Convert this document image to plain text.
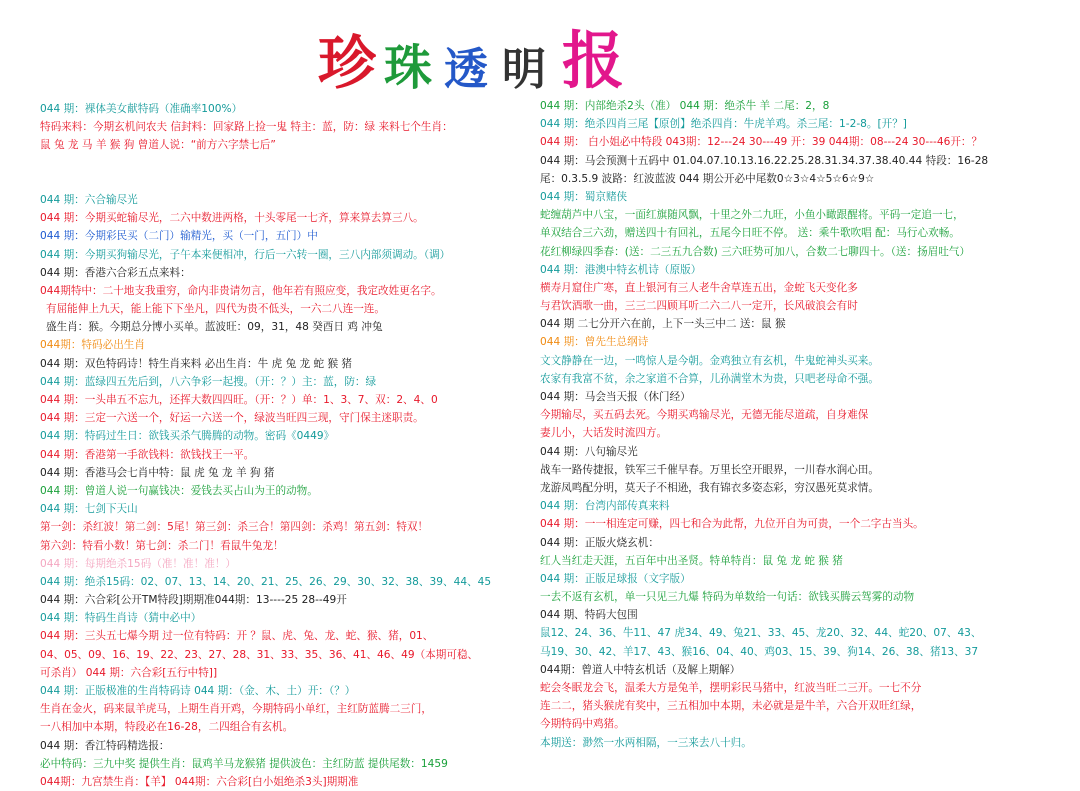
珍 珠 透 明 报
044 期：裸体美女献特码（准确率100%）
特码来料：今期玄机问农夫 信封料：回家路上捡一鬼 特主：蓝，防：绿 来料七个生肖：
鼠 兔 龙 马 羊 猴 狗 曾道人说：“前方六字禁七后”
044 期：六合输尽光
044 期：今期买蛇输尽光，二六中数进两格，十头零尾一七齐，算来算去算三八。
044 期：今期彩民买（二门）输精光，买（一门，五门）中
044 期：今期买狗输尽光，子午本来便相冲，行后一六转一圈，三八内部须调动。（调）
044 期：香港六合彩五点来料：
044期特中：二十地支我重穷，命内非贵请勿言，他年若有照应变，我定改姓更名字。
有屈能伸上九天，能上能下下坐凡，四代为贵不低头，一六二八连一连。
盛生肖：猴。今期总分博小买单。蓝波旺：09，31，48 癸酉日 鸡 冲兔
044期：特码必出生肖
044 期：双色特码诗！特生肖来料 必出生肖：牛 虎 兔 龙 蛇 猴 猪
044 期：蓝绿四五先后到，八六争彩一起搜。（开：？）主：蓝，防：绿
044 期：一头串五不忘九，还挥大数四四旺。（开：？）单：1、3、7、双：2、4、0
044 期：三定一六送一个，好运一六送一个，绿波当旺四三现，守门保主迷职责。
044 期：特码过生日：欲钱买杀气腾腾的动物。密码《0449》
044 期：香港第一手欲钱料：欲钱找王一平。
044 期：香港马会七肖中特：鼠 虎 兔 龙 羊 狗 猪
044 期：曾道人说一句赢钱决：爱钱去买占山为王的动物。
044 期：七剑下天山
第一剑：杀红波！第二剑：5尾！第三剑：杀三合！第四剑：杀鸡！第五剑：特双！
第六剑：特看小数！第七剑：杀二门！看鼠牛兔龙！
044 期：每期绝杀15码（准！准！准！）
044 期：绝杀15码：02、07、13、14、20、21、25、26、29、30、32、38、39、44、45
044 期：六合彩[公开TM特段]期期准044期：13----25 28--49开
044 期：特码生肖诗（猜中必中）
044 期：三头五七爆今期 过一位有特码：开 ？鼠、虎、兔、龙、蛇、猴、猪，01、
04、05、09、16、19、22、23、27、28、31、33、35、36、41、46、49（本期可稳、
可杀肖） 044 期：六合彩[五行中特]]
044 期：正版极准的生肖特码诗 044 期：（金、木、土）开：（？）
生肖在金火，码来鼠羊虎马，上期生肖开鸡，今期特码小单红，主红防蓝腾二三门，
一八相加中本期，特段必在16-28，二四组合有玄机。
044 期：香江特码精选报：
必中特码：三九中奖 提供生肖：鼠鸡羊马龙猴猪 提供波色：主红防蓝 提供尾数：1459
044期：九宫禁生肖：【羊】 044期：六合彩[白小姐绝杀3头]期期准
044 期：内部绝杀2头（准） 044 期：绝杀牛 羊 二尾：2，8
044 期：绝杀四肖三尾【原创】绝杀四肖：牛虎羊鸡。杀三尾：1-2-8。[开？]
044 期： 白小姐必中特段 043期：12---24 30---49 开：39 044期：08---24 30---46开：？
044 期：马会预测十五码中 01.04.07.10.13.16.22.25.28.31.34.37.38.40.44 特段：16-28
尾：0.3.5.9 波路：红波蓝波 044 期公开必中尾数0☆3☆4☆5☆6☆9☆
044 期：蜀京赌侠
蛇缠葫芦中八宝，一面红旗随风飘，十里之外二九旺，小鱼小瞰跟醒将。平码一定追一七，
单双结合三六劲，赠送四十有回礼，五尾今日旺不停。 送：乘牛歌吹唱 配：马行心欢畅。
花红柳绿四季春：(送：二三五九合数) 三六旺势可加八，合数二七聊四十。（送：扬眉吐气）
044 期：港澳中特玄机诗（原版）
横寿月窟住广寒，直上银河有三人老牛舍草连五出，金蛇飞天变化多
与君饮酒歌一曲，三三二四顾耳听二六二八一定开，长风破浪会有时
044 期 二七分开六在前，上下一头三中二 送：鼠 猴
044 期：曾先生总纲诗
文文静静在一边，一鸣惊人是今朝。金鸡独立有玄机，牛鬼蛇神头买来。
农家有我富不贫，余之家道不合算，儿孙满堂木为贵，只吧老母命不强。
044 期：马会当天报（休门经）
今期输尽，买五码去死。今期买鸡输尽光，无德无能尽道疏，自身难保
妻儿小，大话发时流四方。
044 期：八句输尽光
战车一路传捷报，铁军三千催早春。万里长空开眼界，一川春水润心田。
龙游凤鸣配分明，莫天子不相逊，我有锦衣多姿态彩，穷汉愚死莫求情。
044 期：台湾内部传真来料
044 期：一一相连定可赚，四七和合为此帮，九位开自为可贵，一个二字古当头。
044 期：正版火烧玄机：
红人当红走天涯，五百年中出圣贤。特单特肖：鼠 兔 龙 蛇 猴 猪
044 期：正版足球报（文字版）
一去不返有玄机，单一只见三九爆 特码为单数给一句话：欲钱买腾云驾雾的动物
044 期、特码大包围
鼠12、24、36、牛11、47 虎34、49、兔21、33、45、龙20、32、44、蛇20、07、43、
马19、30、42、羊17、43、猴16、04、40、鸡03、15、39、狗14、26、38、猪13、37
044期：曾道人中特玄机话（及解上期解）
蛇会冬眠龙会飞，温柔大方是兔羊，摆明彩民马猪中，红波当旺二三开。一七不分
连二二，猪头猴虎有奖中，三五相加中本期，未必就是是牛羊，六合开双旺红绿，
今期特码中鸡猪。
本期送：渺然一水两相隔，一三来去八十归。
